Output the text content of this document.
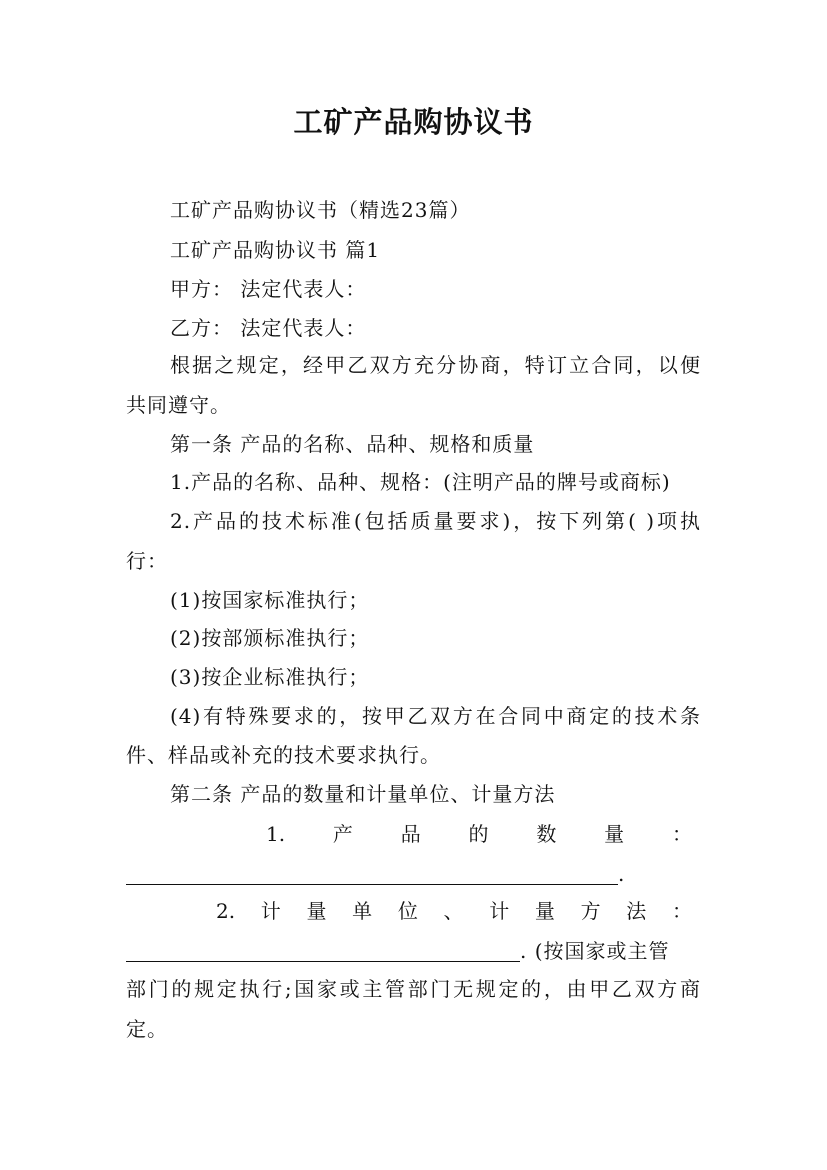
工矿产品购协议书
工矿产品购协议书（精选23篇）
工矿产品购协议书 篇1
甲方： 法定代表人：
乙方： 法定代表人：
根据之规定，经甲乙双方充分协商，特订立合同，以便
共同遵守。
第一条 产品的名称、品种、规格和质量
1.产品的名称、品种、规格：(注明产品的牌号或商标)
2.产品的技术标准(包括质量要求)，按下列第( )项执
行：
(1)按国家标准执行；
(2)按部颁标准执行；
(3)按企业标准执行；
(4)有特殊要求的，按甲乙双方在合同中商定的技术条
件、样品或补充的技术要求执行。
第二条 产品的数量和计量单位、计量方法
1. 产 品 的 数 量 ：
.
2. 计 量 单 位 、 计 量 方 法 ：
. (按国家或主管
部门的规定执行;国家或主管部门无规定的，由甲乙双方商
定。
